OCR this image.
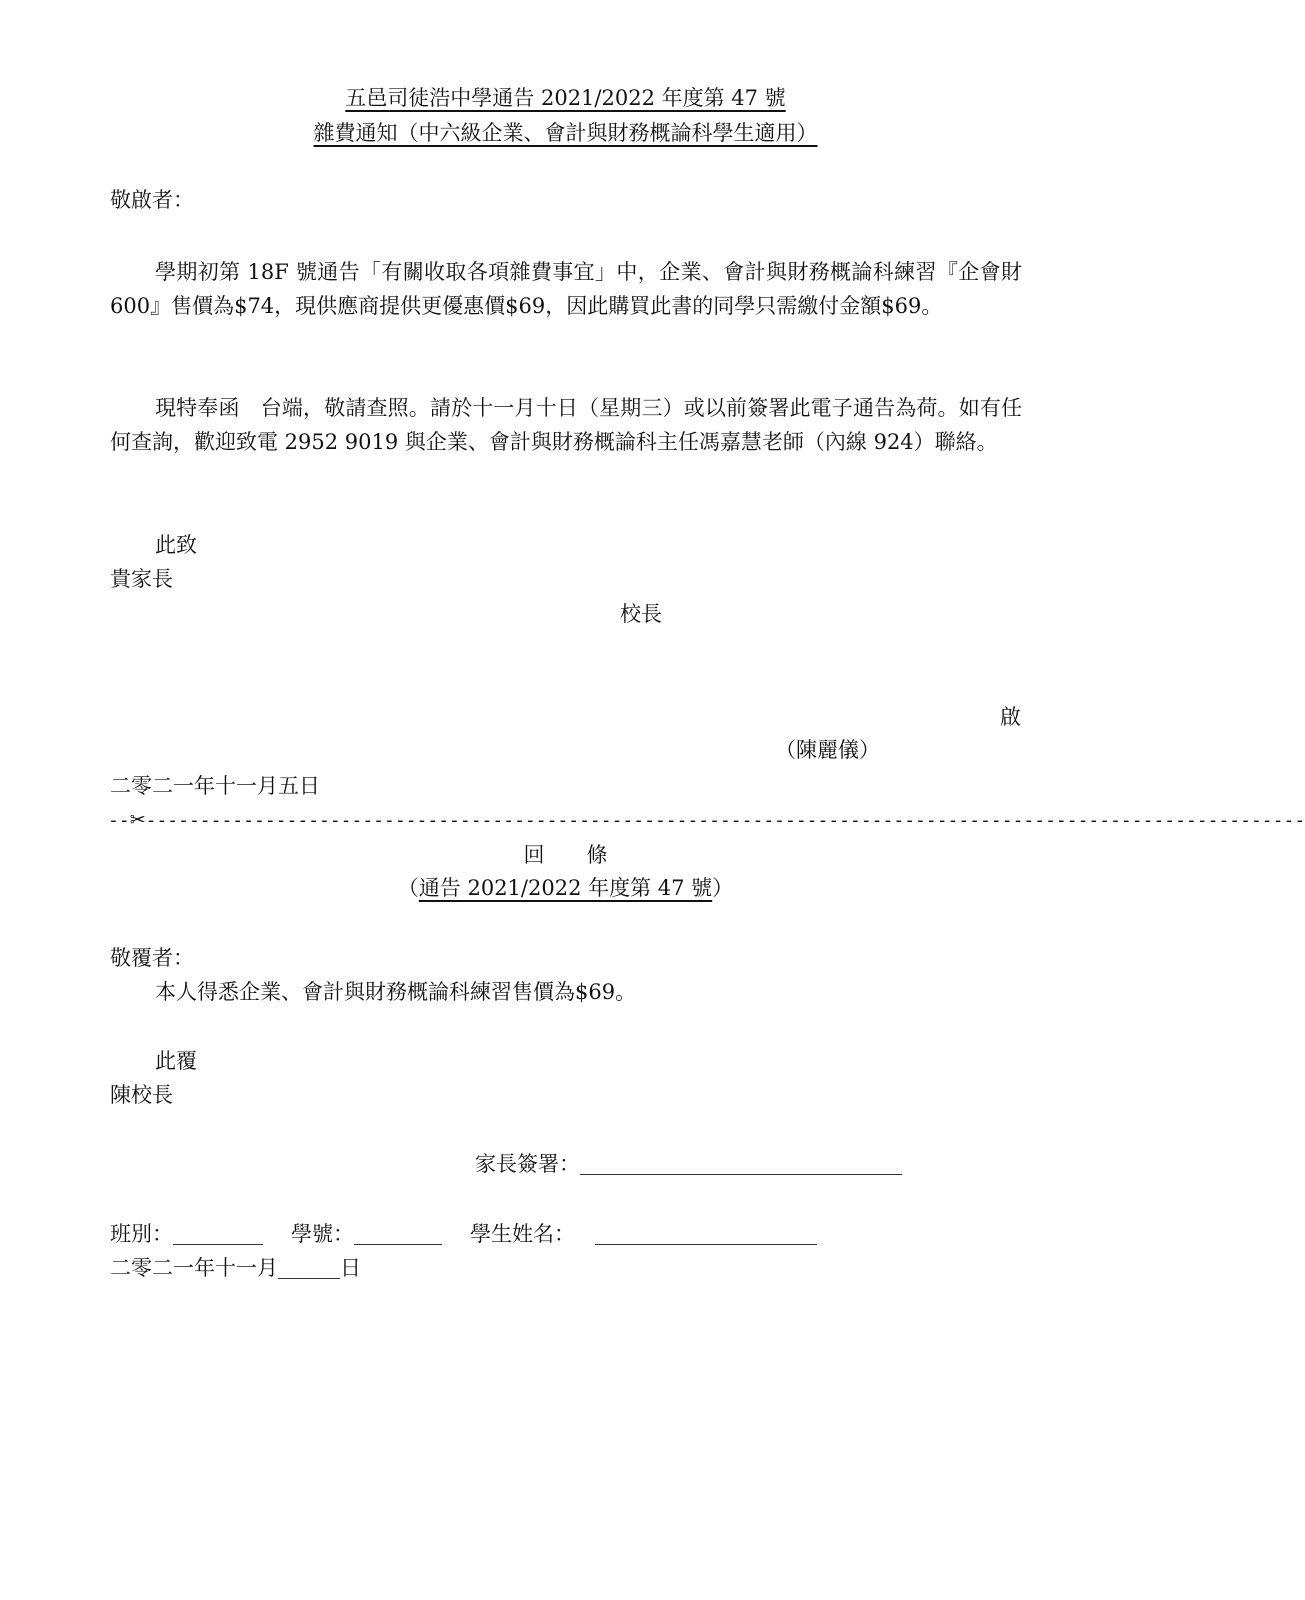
五邑司徒浩中學通告 2021/2022 年度第 47 號
雜費通知（中六級企業、會計與財務概論科學生適用）
敬啟者：
學期初第 18F 號通告「有關收取各項雜費事宜」中，企業、會計與財務概論科練習『企會財 600』售價為$74，現供應商提供更優惠價$69，因此購買此書的同學只需繳付金額$69。
現特奉函　台端，敬請查照。請於十一月十日（星期三）或以前簽署此電子通告為荷。如有任何查詢，歡迎致電 2952 9019 與企業、會計與財務概論科主任馮嘉慧老師（內線 924）聯絡。
此致
貴家長
校長
啟
（陳麗儀）
二零二一年十一月五日
--✂-----------------------------------------------------------------------------------------------------------
回　　條
（通告 2021/2022 年度第 47 號）
敬覆者：
本人得悉企業、會計與財務概論科練習售價為$69。
此覆
陳校長
家長簽署：
班別：	學號：	學生姓名：
二零二一年十一月	日
